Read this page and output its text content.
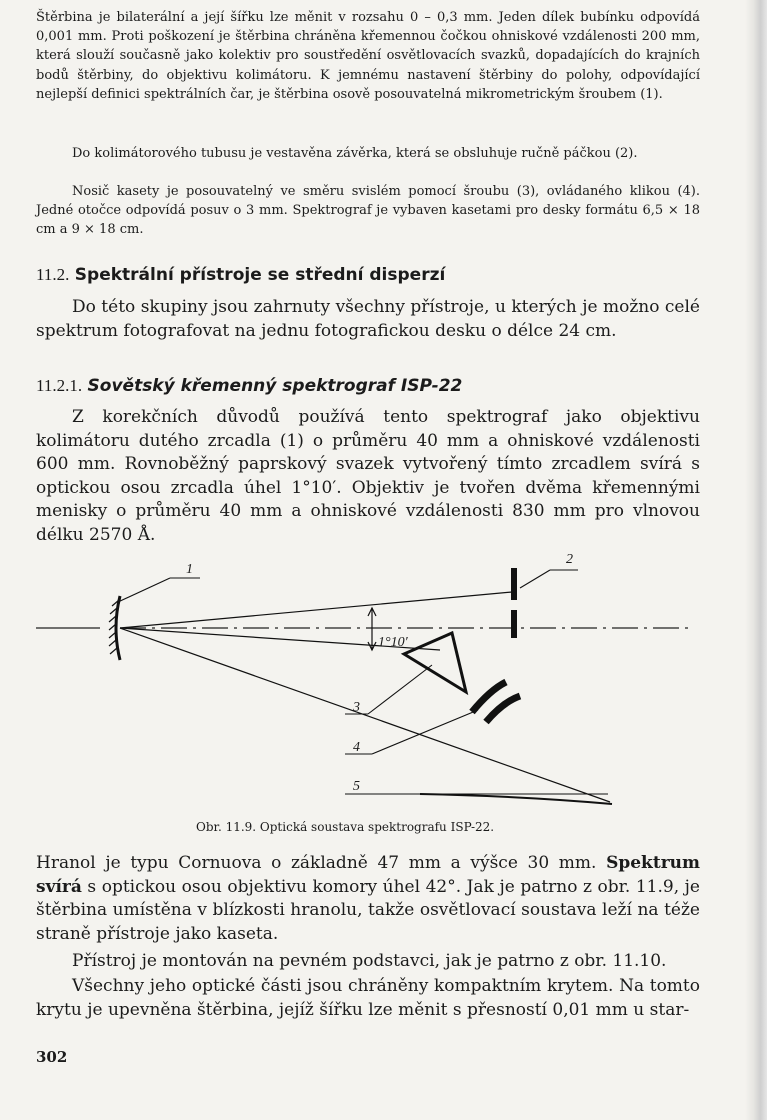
Štěrbina je bilaterální a její šířku lze měnit v rozsahu 0 – 0,3 mm. Jeden dílek bubínku odpovídá 0,001 mm. Proti poškození je štěrbina chráněna křemennou čočkou ohniskové vzdálenosti 200 mm, která slouží současně jako kolektiv pro soustředění osvětlovacích svazků, dopadajících do krajních bodů štěrbiny, do objektivu kolimátoru. K jemnému nastavení štěrbiny do polohy, odpovídající nejlepší definici spektrálních čar, je štěrbina osově posouvatelná mikrometrickým šroubem (1).

Do kolimátorového tubusu je vestavěna závěrka, která se obsluhuje ručně páčkou (2).

Nosič kasety je posouvatelný ve směru svislém pomocí šroubu (3), ovládaného klikou (4). Jedné otočce odpovídá posuv o 3 mm. Spektrograf je vybaven kasetami pro desky formátu 6,5 × 18 cm a 9 × 18 cm.

11.2. Spektrální přístroje se střední disperzí

Do této skupiny jsou zahrnuty všechny přístroje, u kterých je možno celé spektrum fotografovat na jednu fotografickou desku o délce 24 cm.

11.2.1. Sovětský křemenný spektrograf ISP-22

Z korekčních důvodů používá tento spektrograf jako objektivu kolimátoru dutého zrcadla (1) o průměru 40 mm a ohniskové vzdálenosti 600 mm. Rovnoběžný paprskový svazek vytvořený tímto zrcadlem svírá s optickou osou zrcadla úhel 1°10′. Objektiv je tvořen dvěma křemennými menisky o průměru 40 mm a ohniskové vzdálenosti 830 mm pro vlnovou délku 2570 Å.

1
2
3
4
5
1°10′
Obr. 11.9. Optická soustava spektrografu ISP-22.

Hranol je typu Cornuova o základně 47 mm a výšce 30 mm. Spektrum svírá s optickou osou objektivu komory úhel 42°. Jak je patrno z obr. 11.9, je štěrbina umístěna v blízkosti hranolu, takže osvětlovací soustava leží na téže straně přístroje jako kaseta.

Přístroj je montován na pevném podstavci, jak je patrno z obr. 11.10.

Všechny jeho optické části jsou chráněny kompaktním krytem. Na tomto krytu je upevněna štěrbina, jejíž šířku lze měnit s přesností 0,01 mm u star-

302
